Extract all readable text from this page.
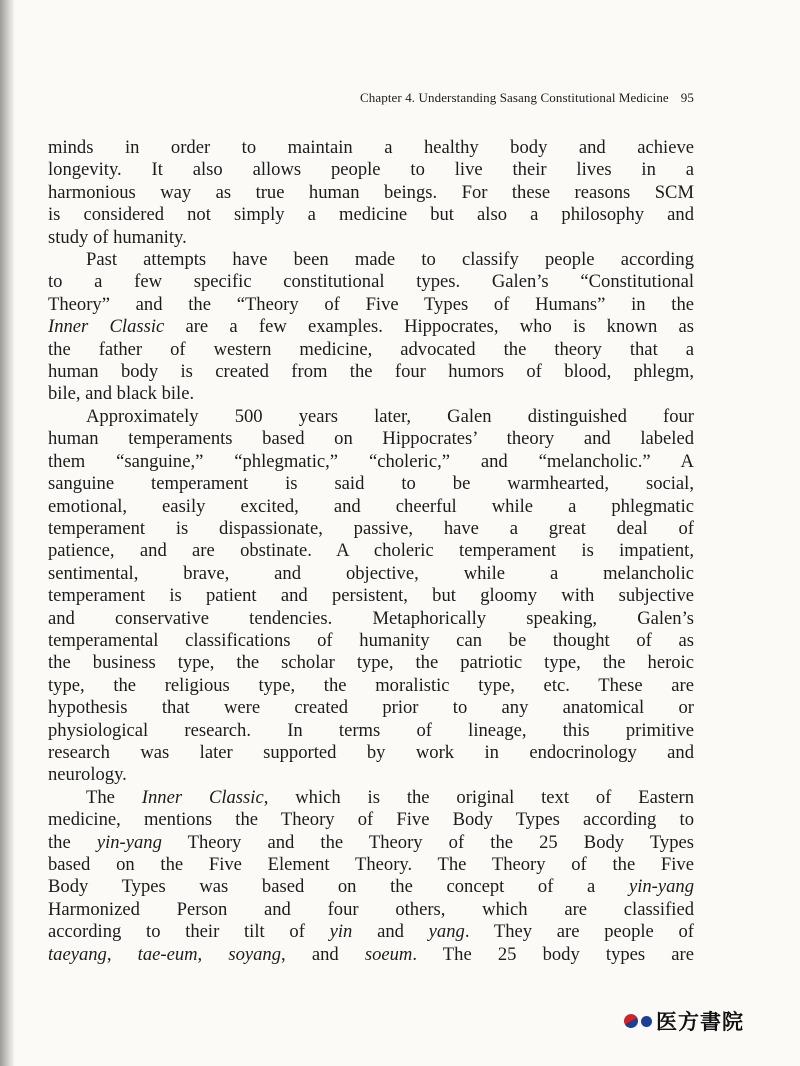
Chapter 4. Understanding Sasang Constitutional Medicine 95
minds in order to maintain a healthy body and achieve
longevity. It also allows people to live their lives in a
harmonious way as true human beings. For these reasons SCM
is considered not simply a medicine but also a philosophy and
study of humanity.
Past attempts have been made to classify people according
to a few specific constitutional types. Galen’s “Constitutional
Theory” and the “Theory of Five Types of Humans” in the
Inner Classic are a few examples. Hippocrates, who is known as
the father of western medicine, advocated the theory that a
human body is created from the four humors of blood, phlegm,
bile, and black bile.
Approximately 500 years later, Galen distinguished four
human temperaments based on Hippocrates’ theory and labeled
them “sanguine,” “phlegmatic,” “choleric,” and “melancholic.” A
sanguine temperament is said to be warmhearted, social,
emotional, easily excited, and cheerful while a phlegmatic
temperament is dispassionate, passive, have a great deal of
patience, and are obstinate. A choleric temperament is impatient,
sentimental, brave, and objective, while a melancholic
temperament is patient and persistent, but gloomy with subjective
and conservative tendencies. Metaphorically speaking, Galen’s
temperamental classifications of humanity can be thought of as
the business type, the scholar type, the patriotic type, the heroic
type, the religious type, the moralistic type, etc. These are
hypothesis that were created prior to any anatomical or
physiological research. In terms of lineage, this primitive
research was later supported by work in endocrinology and
neurology.
The Inner Classic, which is the original text of Eastern
medicine, mentions the Theory of Five Body Types according to
the yin-yang Theory and the Theory of the 25 Body Types
based on the Five Element Theory. The Theory of the Five
Body Types was based on the concept of a yin-yang
Harmonized Person and four others, which are classified
according to their tilt of yin and yang. They are people of
taeyang, tae-eum, soyang, and soeum. The 25 body types are
医方書院
